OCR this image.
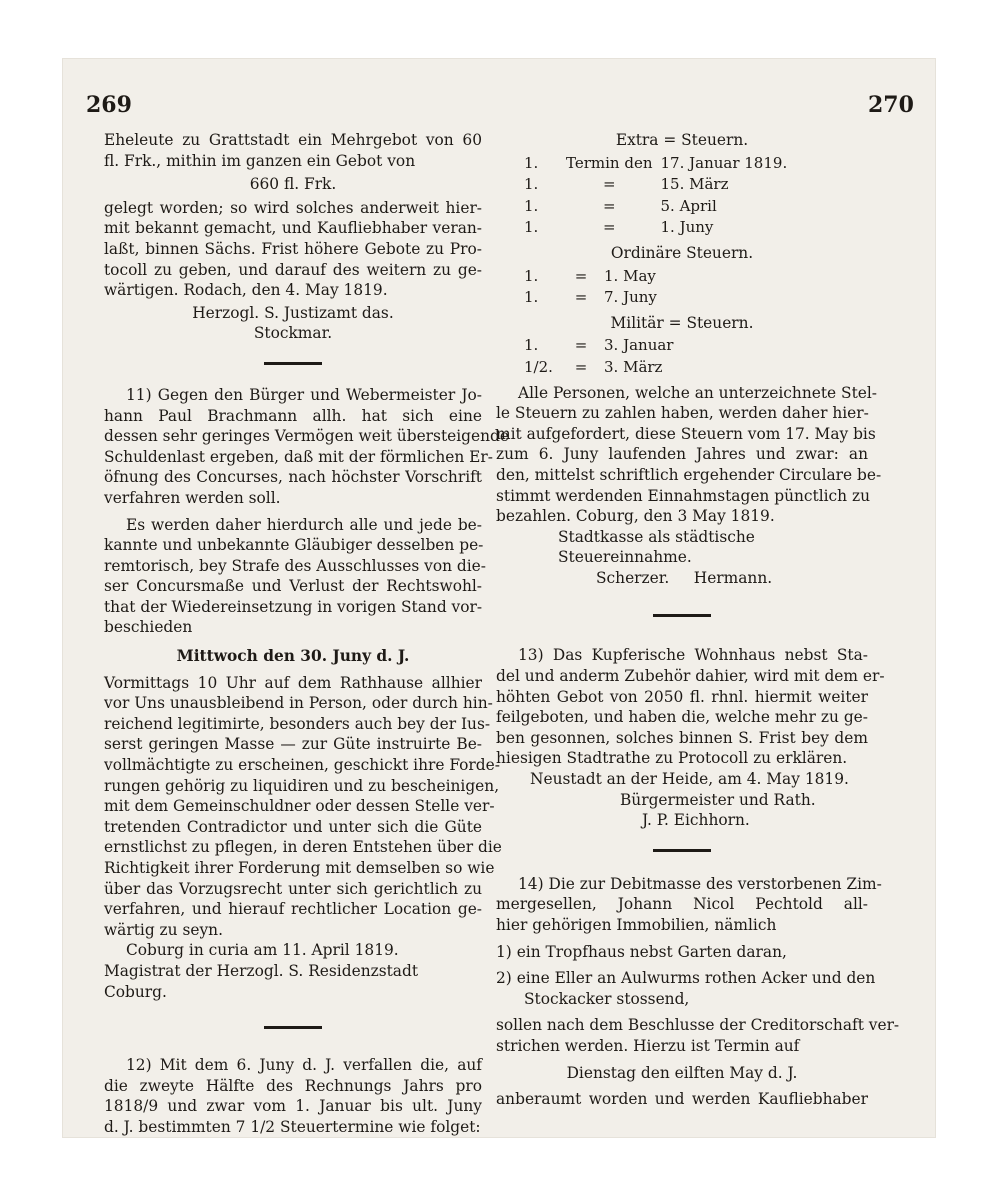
269	270
Eheleute zu Grattstadt ein Mehrgebot von 60
fl. Frk., mithin im ganzen ein Gebot von

660 fl. Frk.

gelegt worden; so wird solches anderweit hier-
mit bekannt gemacht, und Kaufliebhaber veran-
laßt, binnen Sächs. Frist höhere Gebote zu Pro-
tocoll zu geben, und darauf des weitern zu ge-
wärtigen. Rodach, den 4. May 1819.

Herzogl. S. Justizamt das.

Stockmar.

11) Gegen den Bürger und Webermeister Jo-
hann Paul Brachmann allh. hat sich eine
dessen sehr geringes Vermögen weit übersteigende
Schuldenlast ergeben, daß mit der förmlichen Er-
öfnung des Concurses, nach höchster Vorschrift
verfahren werden soll.
Es werden daher hierdurch alle und jede be-
kannte und unbekannte Gläubiger desselben pe-
remtorisch, bey Strafe des Ausschlusses von die-
ser Concursmaße und Verlust der Rechtswohl-
that der Wiedereinsetzung in vorigen Stand vor-
beschieden

Mittwoch den 30. Juny d. J.

Vormittags 10 Uhr auf dem Rathhause allhier
vor Uns unausbleibend in Person, oder durch hin-
reichend legitimirte, besonders auch bey der Ius-
serst geringen Masse — zur Güte instruirte Be-
vollmächtigte zu erscheinen, geschickt ihre Forde-
rungen gehörig zu liquidiren und zu bescheinigen,
mit dem Gemeinschuldner oder dessen Stelle ver-
tretenden Contradictor und unter sich die Güte
ernstlichst zu pflegen, in deren Entstehen über die
Richtigkeit ihrer Forderung mit demselben so wie
über das Vorzugsrecht unter sich gerichtlich zu
verfahren, und hierauf rechtlicher Location ge-
wärtig zu seyn.

Coburg in curia am 11. April 1819.

Magistrat der Herzogl. S. Residenzstadt Coburg.

12) Mit dem 6. Juny d. J. verfallen die, auf
die zweyte Hälfte des Rechnungs Jahrs pro
1818/9 und zwar vom 1. Januar bis ult. Juny
d. J. bestimmten 7 1/2 Steuertermine wie folget:

Extra = Steuern.

1.	Termin den	17. Januar 1819.
1.	=	15. März
1.	=	5. April
1.	=	1. Juny

Ordinäre Steuern.

1.	=	1. May
1.	=	7. Juny

Militär = Steuern.

1.	=	3. Januar
1/2.	=	3. März
Alle Personen, welche an unterzeichnete Stel-
le Steuern zu zahlen haben, werden daher hier-
mit aufgefordert, diese Steuern vom 17. May bis
zum 6. Juny laufenden Jahres und zwar: an
den, mittelst schriftlich ergehender Circulare be-
stimmt werdenden Einnahmstagen pünctlich zu
bezahlen. Coburg, den 3 May 1819.

Stadtkasse als städtische Steuereinnahme.

Scherzer.     Hermann.

13) Das Kupferische Wohnhaus nebst Sta-
del und anderm Zubehör dahier, wird mit dem er-
höhten Gebot von 2050 fl. rhnl. hiermit weiter
feilgeboten, und haben die, welche mehr zu ge-
ben gesonnen, solches binnen S. Frist bey dem
hiesigen Stadtrathe zu Protocoll zu erklären.

Neustadt an der Heide, am 4. May 1819.

Bürgermeister und Rath.

J. P. Eichhorn.

14) Die zur Debitmasse des verstorbenen Zim-
mergesellen, Johann Nicol Pechtold all-
hier gehörigen Immobilien, nämlich

1) ein Tropfhaus nebst Garten daran,

2) eine Eller an Aulwurms rothen Acker und den
Stockacker stossend,
sollen nach dem Beschlusse der Creditorschaft ver-
strichen werden. Hierzu ist Termin auf

Dienstag den eilften May d. J.

anberaumt worden und werden Kaufliebhaber
